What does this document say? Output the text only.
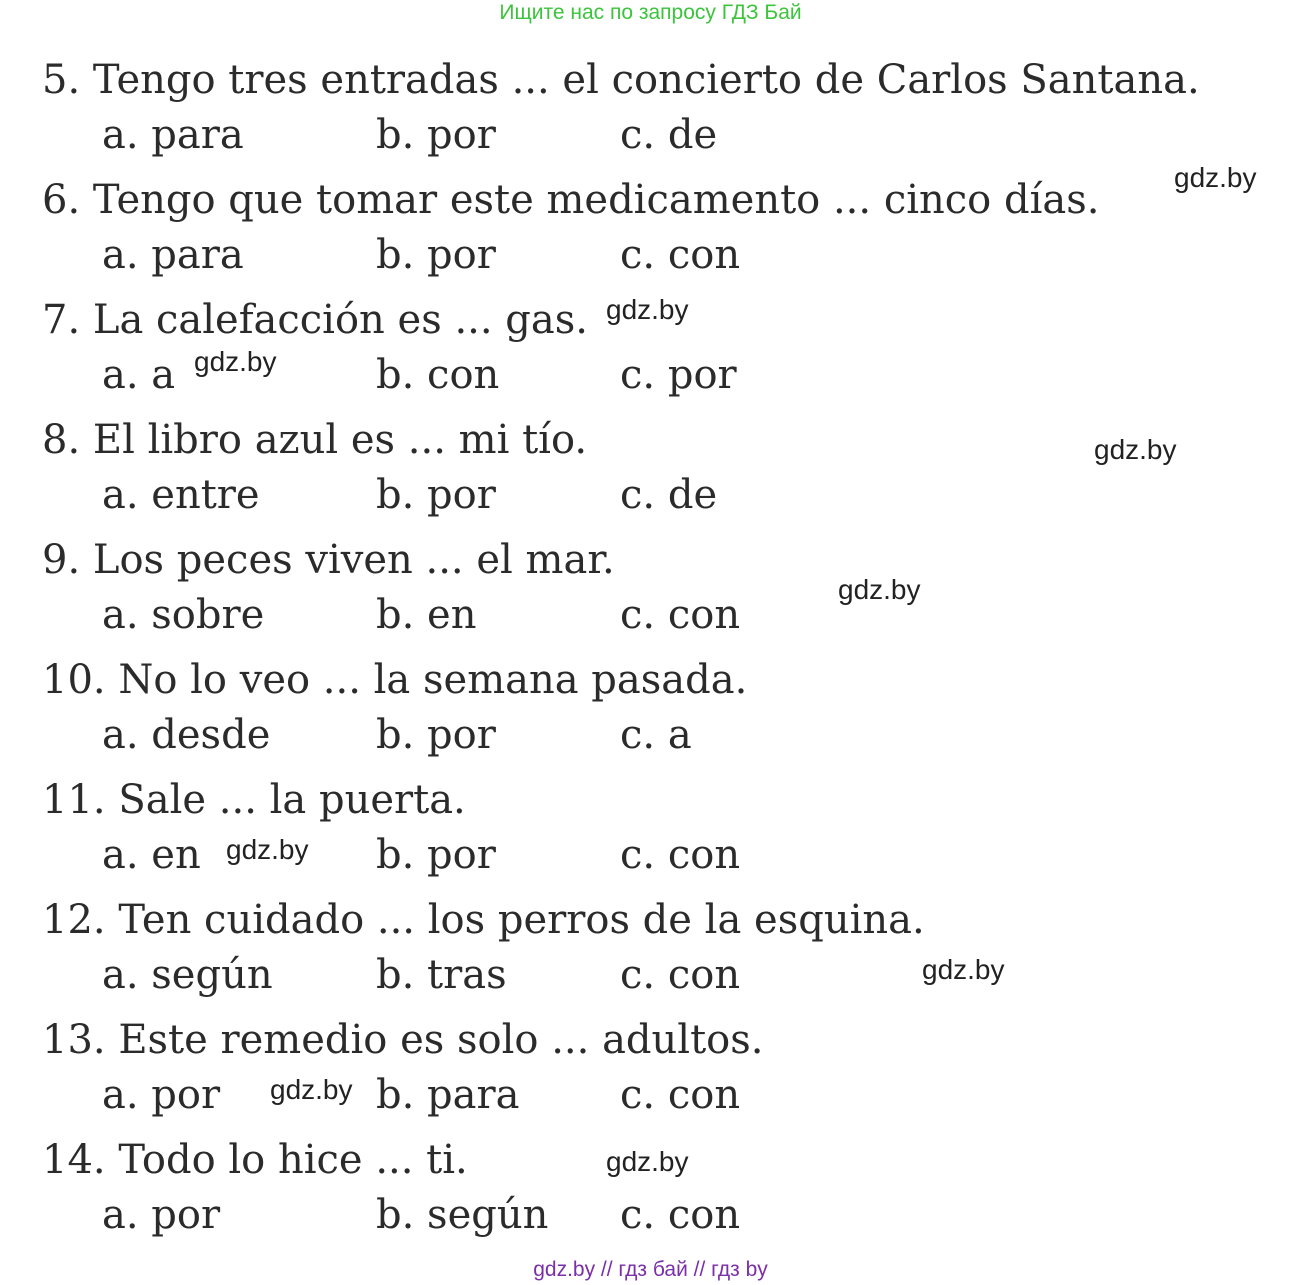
Ищите нас по запросу ГДЗ Бай
5. Tengo tres entradas ... el concierto de Carlos Santana.
a. para	b. por	c. de
6. Tengo que tomar este medicamento ... cinco días.
a. para	b. por	c. con
7. La calefacción es ... gas.
a. a	b. con	c. por
8. El libro azul es ... mi tío.
a. entre	b. por	c. de
9. Los peces viven ... el mar.
a. sobre	b. en	c. con
10. No lo veo ... la semana pasada.
a. desde	b. por	c. a
11. Sale ... la puerta.
a. en	b. por	c. con
12. Ten cuidado ... los perros de la esquina.
a. según	b. tras	c. con
13. Este remedio es solo ... adultos.
a. por	b. para	c. con
14. Todo lo hice ... ti.
a. por	b. según c. con
gdz.by
gdz.by
gdz.by
gdz.by
gdz.by
gdz.by
gdz.by
gdz.by
gdz.by
gdz.by // гдз бай // гдз by
